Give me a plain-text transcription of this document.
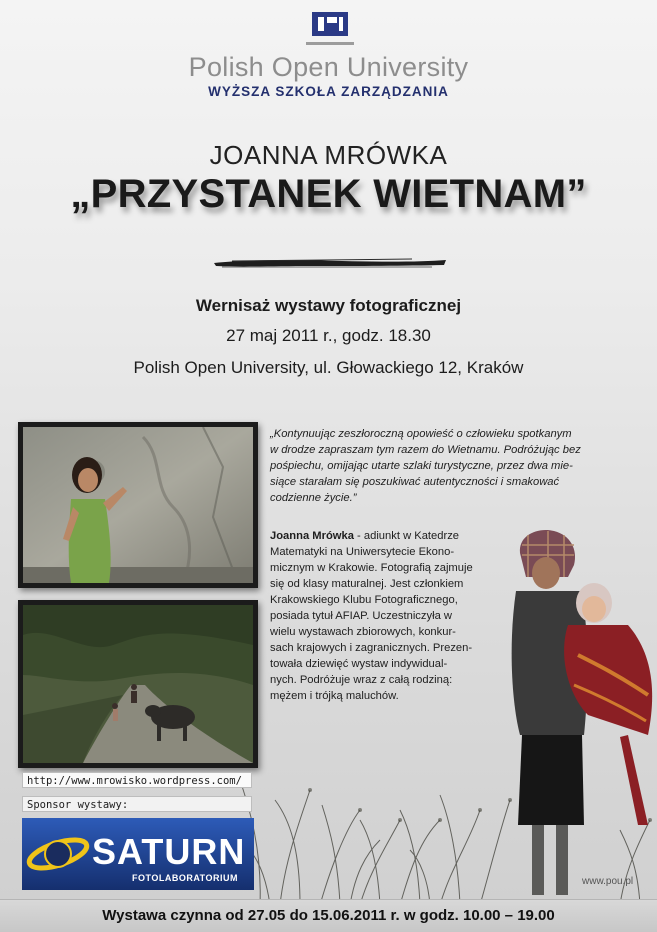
Polish Open University
WYŻSZA SZKOŁA ZARZĄDZANIA
JOANNA MRÓWKA
„PRZYSTANEK WIETNAM”
Wernisaż wystawy fotograficznej
27 maj 2011 r., godz. 18.30
Polish Open University, ul. Głowackiego 12, Kraków
„Kontynuując zeszłoroczną opowieść o człowieku spotkanym
w drodze zapraszam tym razem do Wietnamu. Podróżując bez
pośpiechu, omijając utarte szlaki turystyczne, przez dwa mie-
siące starałam się poszukiwać autentyczności i smakować
codzienne życie.”
Joanna Mrówka - adiunkt w Katedrze
Matematyki na Uniwersytecie Ekono-
micznym w Krakowie. Fotografią zajmuje
się od klasy maturalnej. Jest członkiem
Krakowskiego Klubu Fotograficznego,
posiada tytuł AFIAP. Uczestniczyła w
wielu wystawach zbiorowych, konkur-
sach krajowych i zagranicznych. Prezen-
towała dziewięć wystaw indywidual-
nych. Podróżuje wraz z całą rodziną:
mężem i trójką maluchów.
http://www.mrowisko.wordpress.com/
Sponsor wystawy:
SATURN
FOTOLABORATORIUM	www.pou.pl
Wystawa czynna od 27.05 do 15.06.2011 r. w godz. 10.00 – 19.00
